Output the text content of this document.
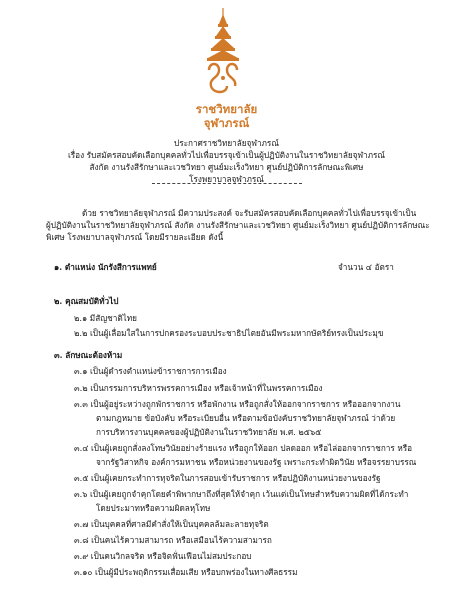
ราชวิทยาลัย
จุฬาภรณ์
ประกาศราชวิทยาลัยจุฬาภรณ์
เรื่อง รับสมัครสอบคัดเลือกบุคคลทั่วไปเพื่อบรรจุเข้าเป็นผู้ปฏิบัติงานในราชวิทยาลัยจุฬาภรณ์
สังกัด งานรังสีรักษาและเวชวิทยา ศูนย์มะเร็งวิทยา ศูนย์ปฏิบัติการลักษณะพิเศษ
โรงพยาบาลจุฬาภรณ์
ด้วย ราชวิทยาลัยจุฬาภรณ์ มีความประสงค์ จะรับสมัครสอบคัดเลือกบุคคลทั่วไปเพื่อบรรจุเข้าเป็น
ผู้ปฏิบัติงานในราชวิทยาลัยจุฬาภรณ์ สังกัด งานรังสีรักษาและเวชวิทยา ศูนย์มะเร็งวิทยา ศูนย์ปฏิบัติการลักษณะ
พิเศษ โรงพยาบาลจุฬาภรณ์ โดยมีรายละเอียด ดังนี้
๑. ตำแหน่ง นักรังสีการแพทย์	จำนวน ๔ อัตรา
๒. คุณสมบัติทั่วไป
๒.๑ มีสัญชาติไทย
๒.๒ เป็นผู้เลื่อมใสในการปกครองระบอบประชาธิปไตยอันมีพระมหากษัตริย์ทรงเป็นประมุข
๓. ลักษณะต้องห้าม
๓.๑ เป็นผู้ดำรงตำแหน่งข้าราชการการเมือง
๓.๒ เป็นกรรมการบริหารพรรคการเมือง หรือเจ้าหน้าที่ในพรรคการเมือง
๓.๓ เป็นผู้อยู่ระหว่างถูกพักราชการ หรือพักงาน หรือถูกสั่งให้ออกจากราชการ หรือออกจากงาน
ตามกฎหมาย ข้อบังคับ หรือระเบียบอื่น หรือตามข้อบังคับราชวิทยาลัยจุฬาภรณ์ ว่าด้วย
การบริหารงานบุคคลของผู้ปฏิบัติงานในราชวิทยาลัย พ.ศ. ๒๕๖๕
๓.๔ เป็นผู้เคยถูกสั่งลงโทษวินัยอย่างร้ายแรง หรือถูกให้ออก ปลดออก หรือไล่ออกจากราชการ หรือ
จากรัฐวิสาหกิจ องค์การมหาชน หรือหน่วยงานของรัฐ เพราะกระทำผิดวินัย หรือจรรยาบรรณ
๓.๕ เป็นผู้เคยกระทำการทุจริตในการสอบเข้ารับราชการ หรือปฏิบัติงานหน่วยงานของรัฐ
๓.๖ เป็นผู้เคยถูกจำคุกโดยคำพิพากษาถึงที่สุดให้จำคุก เว้นแต่เป็นโทษสำหรับความผิดที่ได้กระทำ
โดยประมาทหรือความผิดลหุโทษ
๓.๗ เป็นบุคคลที่ศาลมีคำสั่งให้เป็นบุคคลล้มละลายทุจริต
๓.๘ เป็นคนไร้ความสามารถ หรือเสมือนไร้ความสามารถ
๓.๙ เป็นคนวิกลจริต หรือจิตฟั่นเฟือนไม่สมประกอบ
๓.๑๐ เป็นผู้มีประพฤติกรรมเสื่อมเสีย หรือบกพร่องในทางศีลธรรม
